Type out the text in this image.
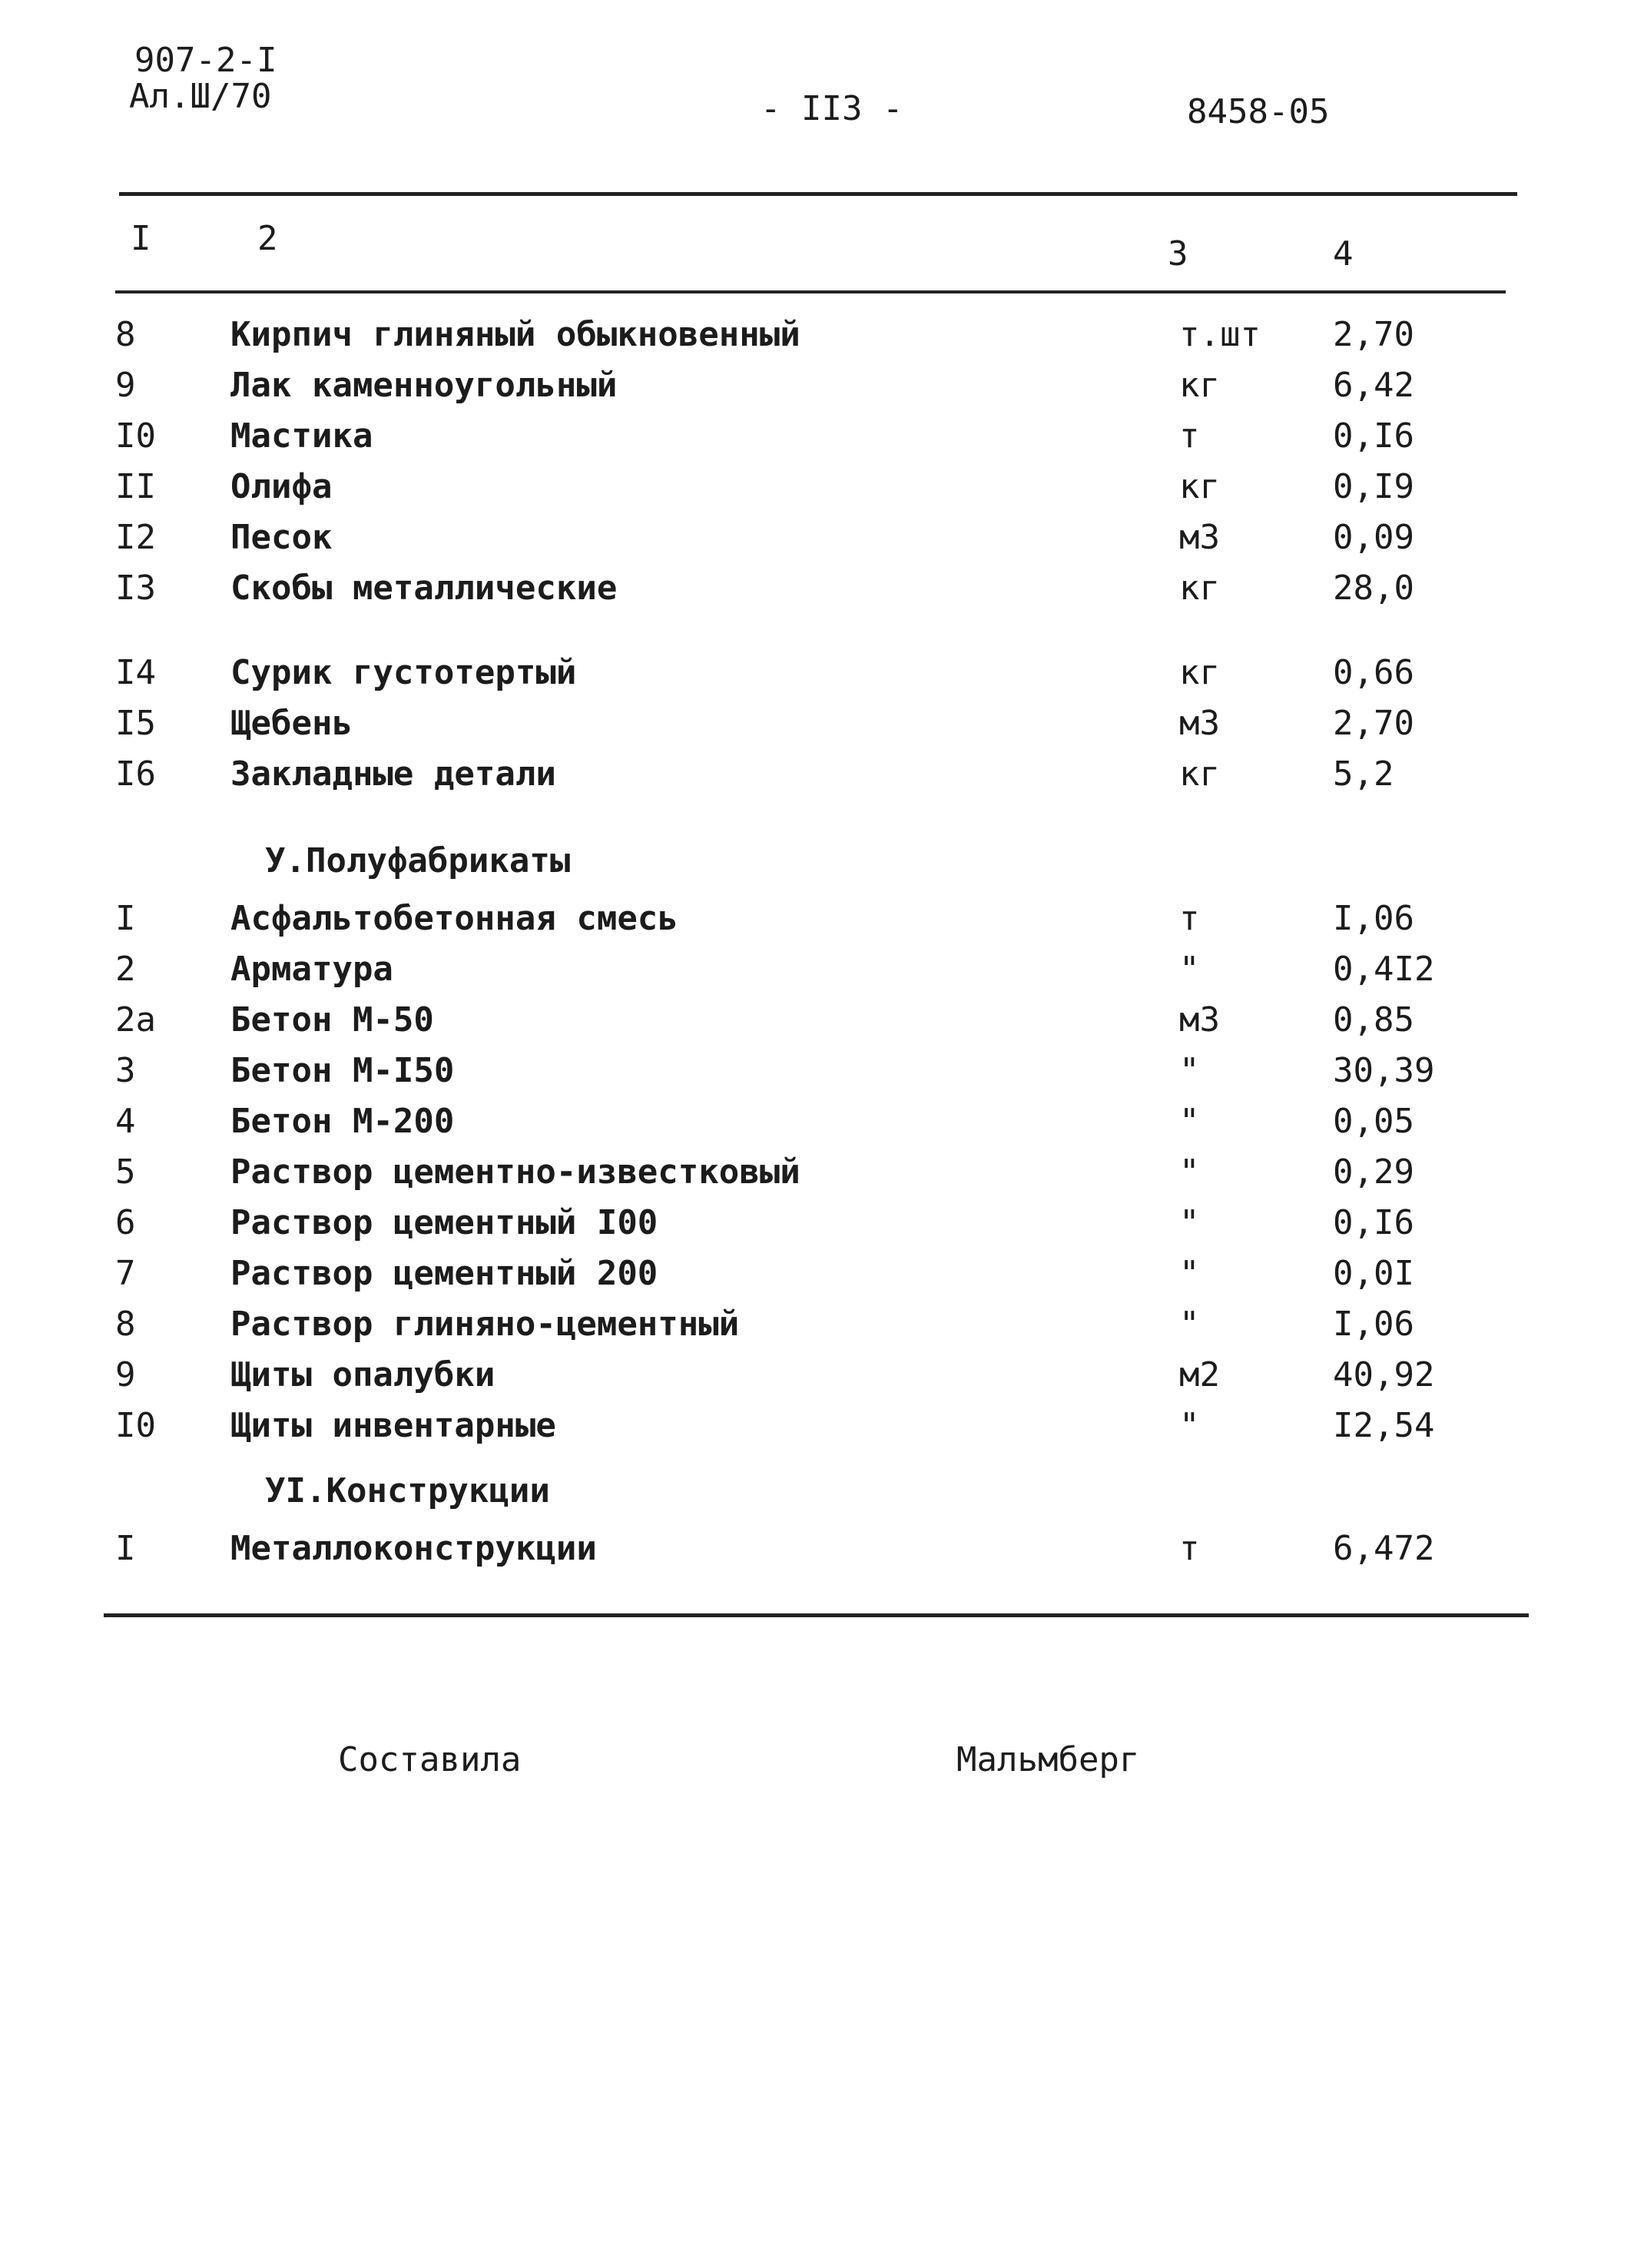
907-2-I
Ал.Ш/70	- II3 -	8458-05
I	2	3	4
8	Кирпич глиняный обыкновенный	т.шт 2,70
9	Лак каменноугольный	кг	6,42
I0 Мастика	т	0,I6
II Олифа	кг	0,I9
I2 Песок	м3	0,09
I3 Скобы металлические	кг	28,0
I4 Сурик густотертый	кг	0,66
I5 Щебень	м3	2,70
I6 Закладные детали	кг	5,2
У.Полуфабрикаты
I	Асфальтобетонная смесь	т	I,06
2	Арматура	"	0,4I2
2а Бетон М-50	м3	0,85
3	Бетон М-I50	"	30,39
4	Бетон М-200	"	0,05
5	Раствор цементно-известковый	"	0,29
6	Раствор цементный I00	"	0,I6
7	Раствор цементный 200	"	0,0I
8	Раствор глиняно-цементный	"	I,06
9	Щиты опалубки	м2	40,92
I0 Щиты инвентарные	"	I2,54
УI.Конструкции
I	Металлоконструкции	т	6,472
Составила	Мальмберг
